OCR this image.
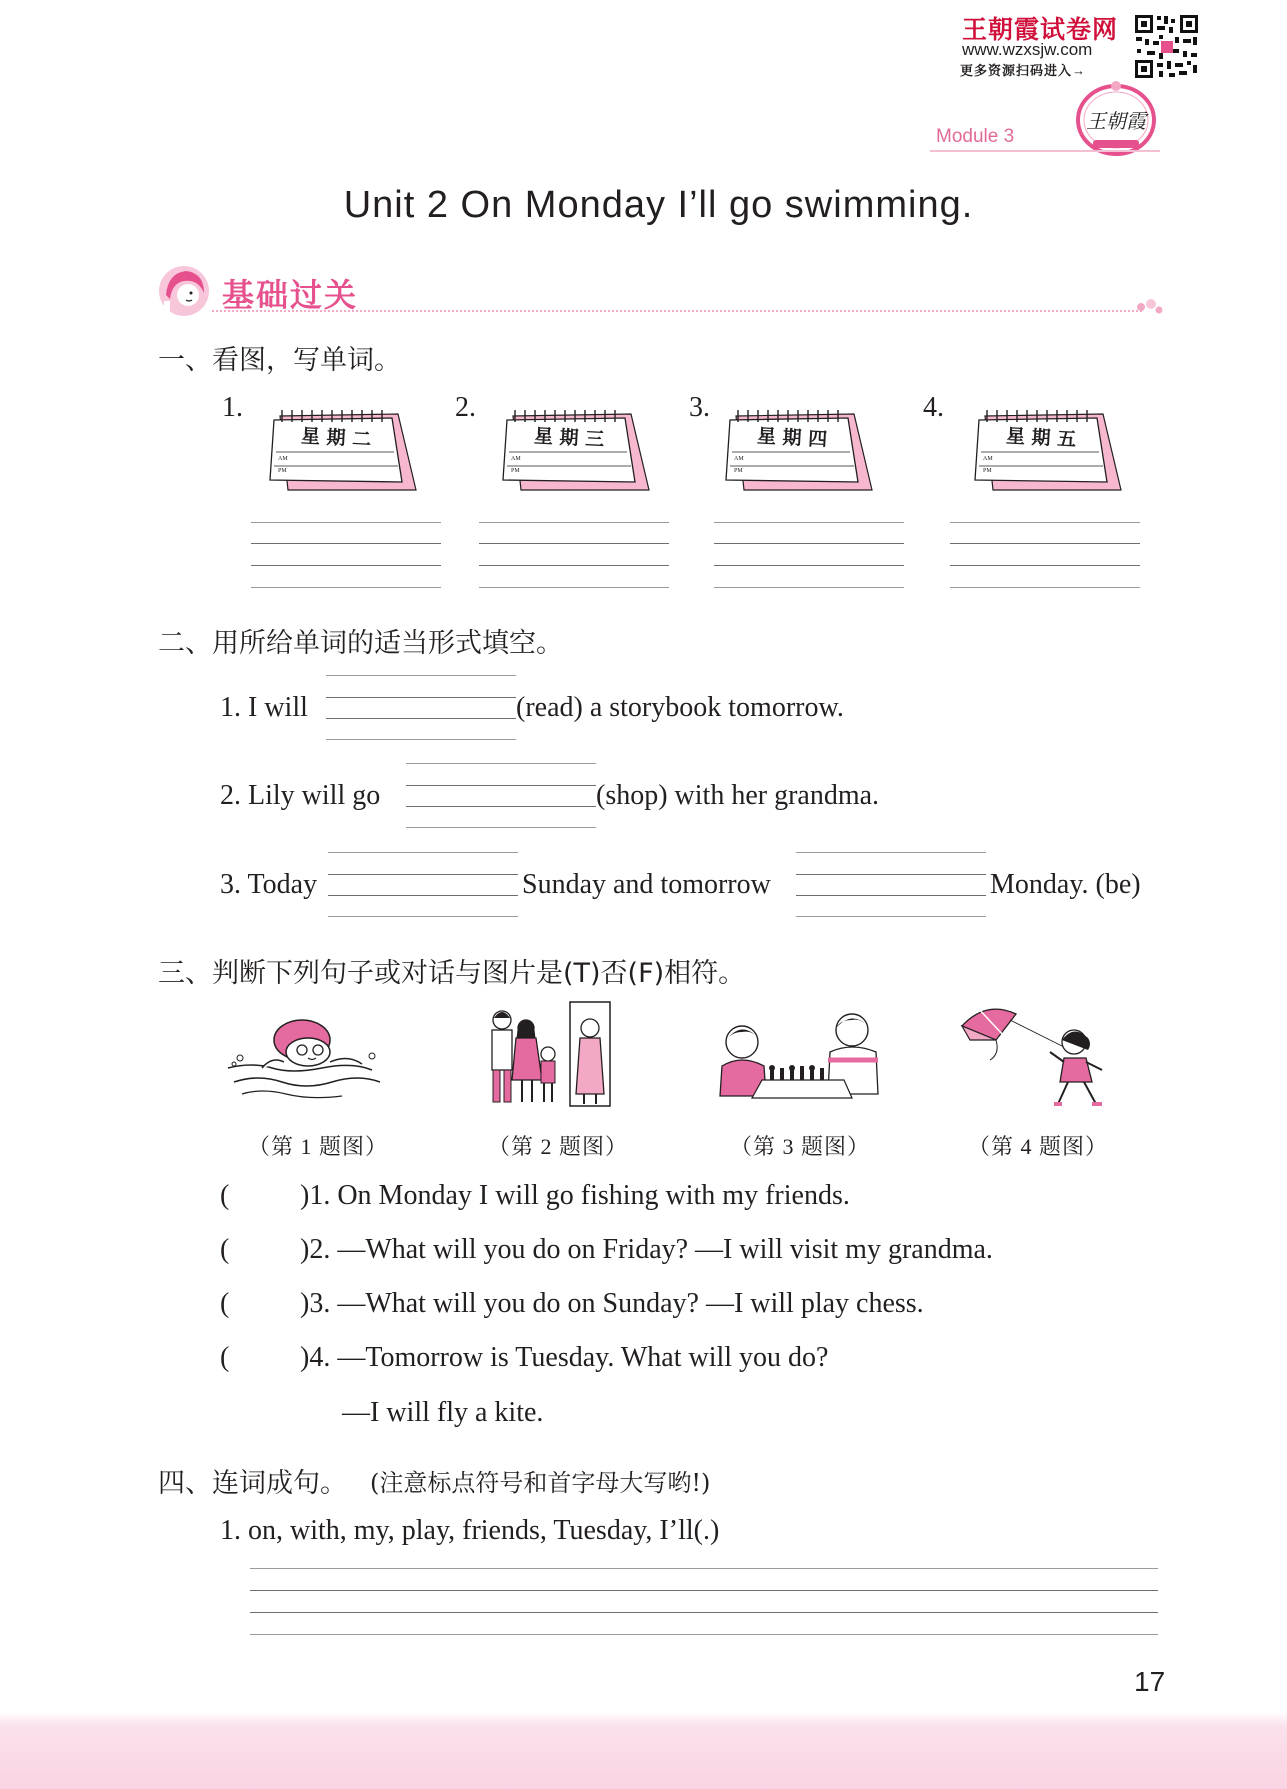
王朝霞试卷网
www.wzxsjw.com
更多资源扫码进入→
王朝霞
Module 3
Unit 2 On Monday I’ll go swimming.
基础过关
一、看图，写单词。
1.	2.	3.	4.
星 期 二
AM
PM
星 期 三
AM
PM
星 期 四
AM
PM
星 期 五
AM
PM
二、用所给单词的适当形式填空。
1. I will	(read) a storybook tomorrow.
2. Lily will go	(shop) with her grandma.
3. Today	Sunday and tomorrow	Monday. (be)
三、判断下列句子或对话与图片是(T)否(F)相符。
（第 1 题图）	（第 2 题图）	（第 3 题图）	（第 4 题图）
(	)1. On Monday I will go fishing with my friends.
(	)2. —What will you do on Friday? —I will visit my grandma.
(	)3. —What will you do on Sunday? —I will play chess.
(	)4. —Tomorrow is Tuesday. What will you do?
—I will fly a kite.
四、连词成句。 (注意标点符号和首字母大写哟!)
1. on, with, my, play, friends, Tuesday, I’ll(.)
17
